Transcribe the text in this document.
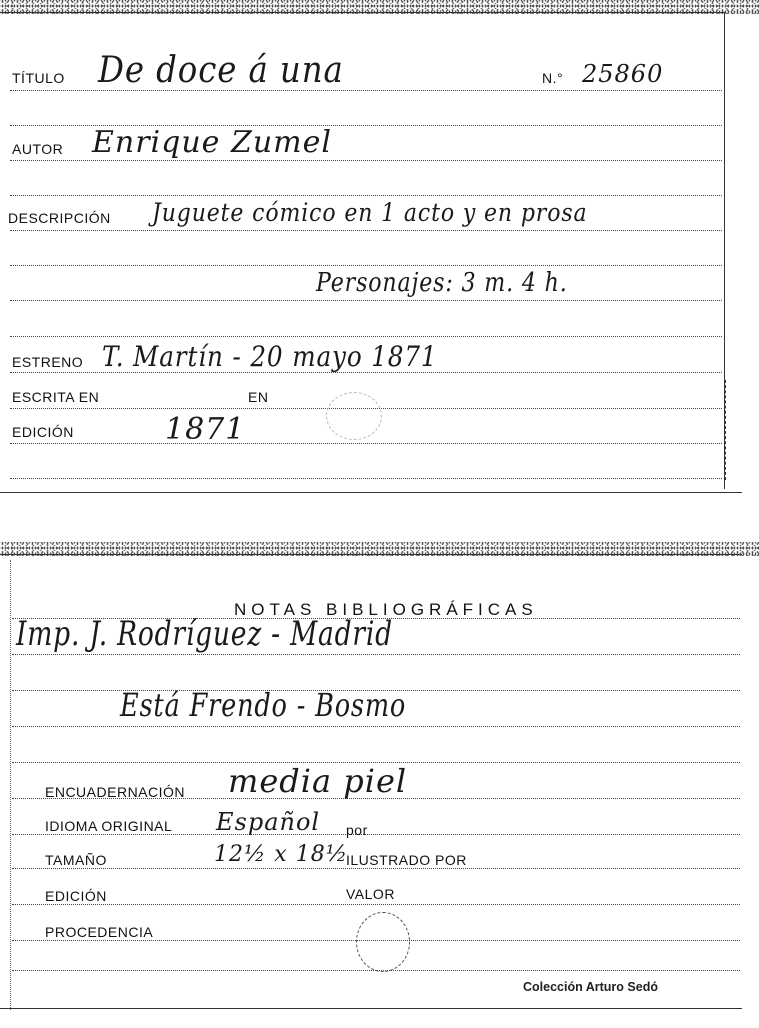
TÍTULO De doce á una	N.° 25860
AUTOR Enrique Zumel
DESCRIPCIÓN Juguete cómico en 1 acto y en prosa
Personajes: 3 m. 4 h.
ESTRENO T. Martín - 20 mayo 1871
ESCRITA EN	EN
EDICIÓN	1871
NOTAS BIBLIOGRÁFICAS
Imp. J. Rodríguez - Madrid
Está Frendo - Bosmo
ENCUADERNACIÓN media piel
IDIOMA ORIGINAL Español por
TAMAÑO	12½ x 18½
ILUSTRADO POR
EDICIÓN	VALOR
PROCEDENCIA
Colección Arturo Sedó
